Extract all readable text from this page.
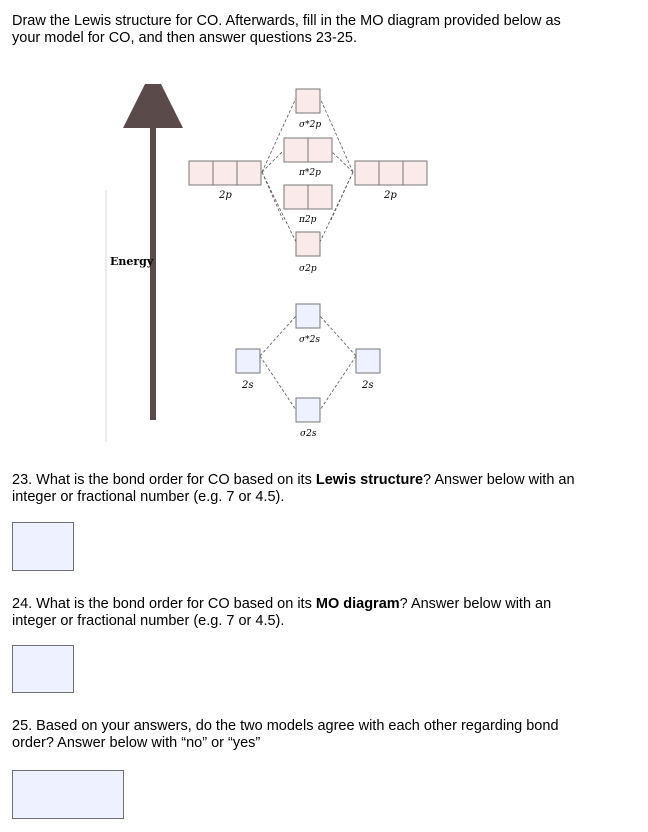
Draw the Lewis structure for CO. Afterwards, fill in the MO diagram provided below as
your model for CO, and then answer questions 23-25.

Energy
2p	2p
σ*2p
π*2p
π2p
σ2p
σ*2s
2s	2s
σ2s

23. What is the bond order for CO based on its Lewis structure? Answer below with an
integer or fractional number (e.g. 7 or 4.5).

24. What is the bond order for CO based on its MO diagram? Answer below with an
integer or fractional number (e.g. 7 or 4.5).

25. Based on your answers, do the two models agree with each other regarding bond
order? Answer below with “no” or “yes”
